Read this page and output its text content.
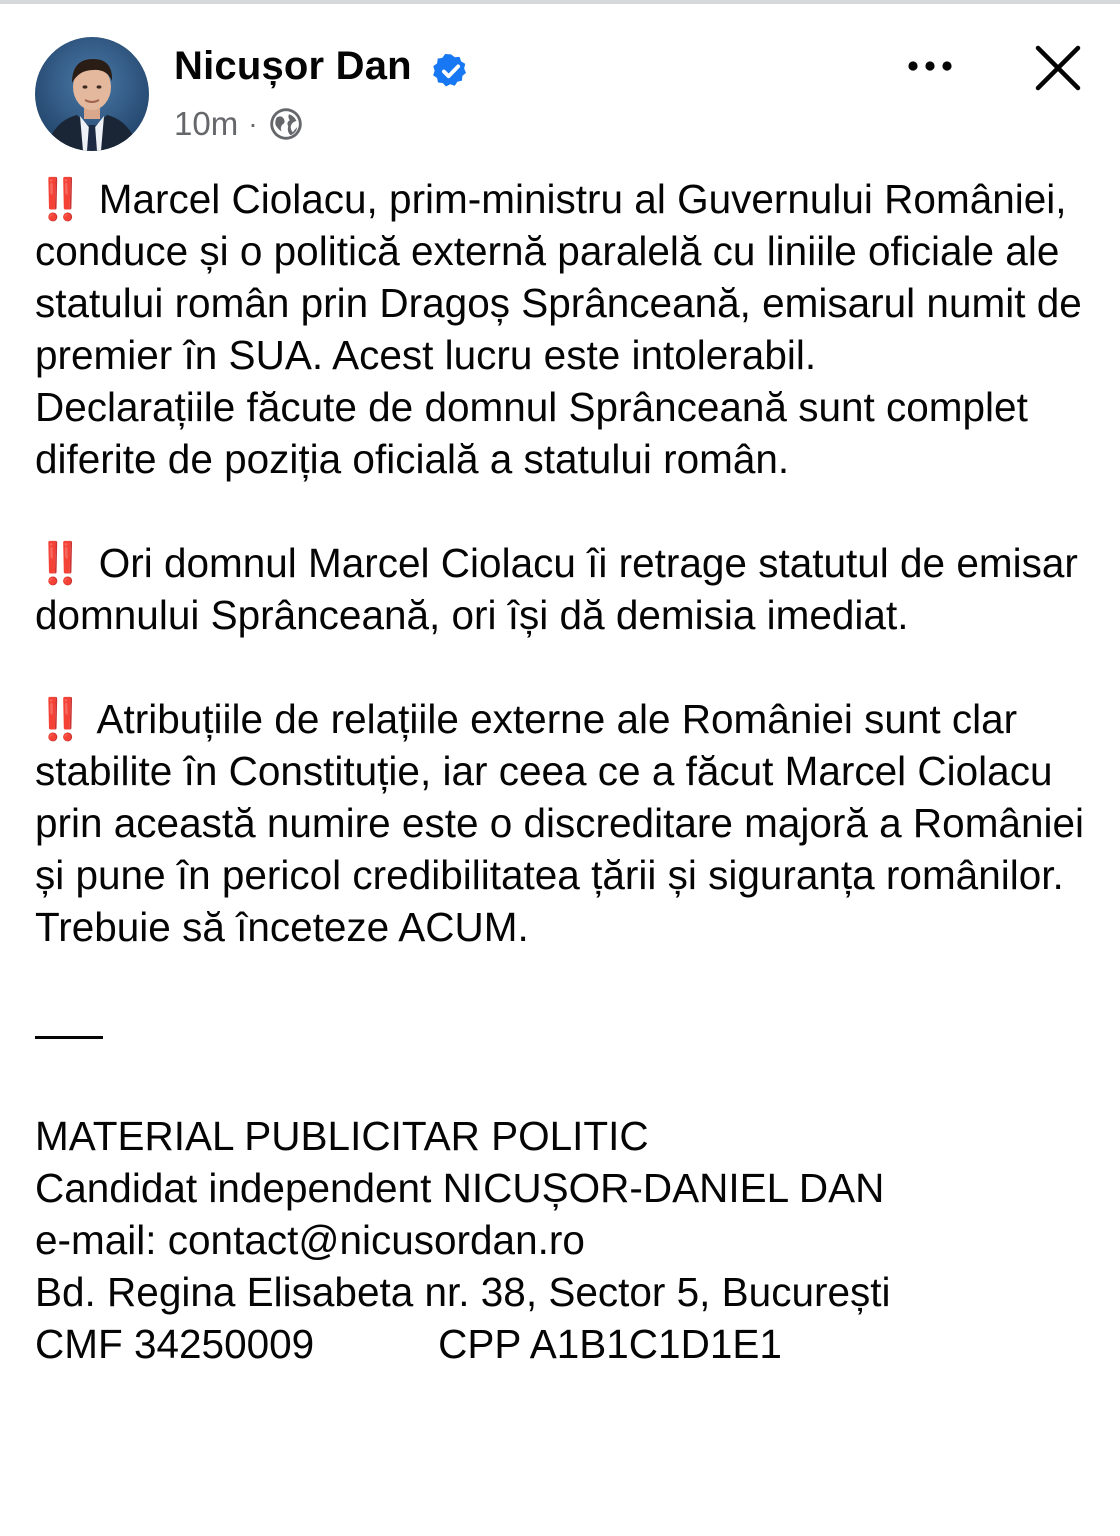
Nicușor Dan
10m ·

‼️ Marcel Ciolacu, prim-ministru al Guvernului României, conduce și o politică externă paralelă cu liniile oficiale ale statului român prin Dragoș Sprânceană, emisarul numit de premier în SUA. Acest lucru este intolerabil.

Declarațiile făcute de domnul Sprânceană sunt complet diferite de poziția oficială a statului român.

‼️ Ori domnul Marcel Ciolacu îi retrage statutul de emisar domnului Sprânceană, ori își dă demisia imediat.

‼️ Atribuțiile de relațiile externe ale României sunt clar stabilite în Constituție, iar ceea ce a făcut Marcel Ciolacu prin această numire este o discreditare majoră a României și pune în pericol credibilitatea țării și siguranța românilor. Trebuie să înceteze ACUM.

MATERIAL PUBLICITAR POLITIC

Candidat independent NICUȘOR-DANIEL DAN

e-mail: contact@nicusordan.ro

Bd. Regina Elisabeta nr. 38, Sector 5, București

CMF 34250009	CPP A1B1C1D1E1
